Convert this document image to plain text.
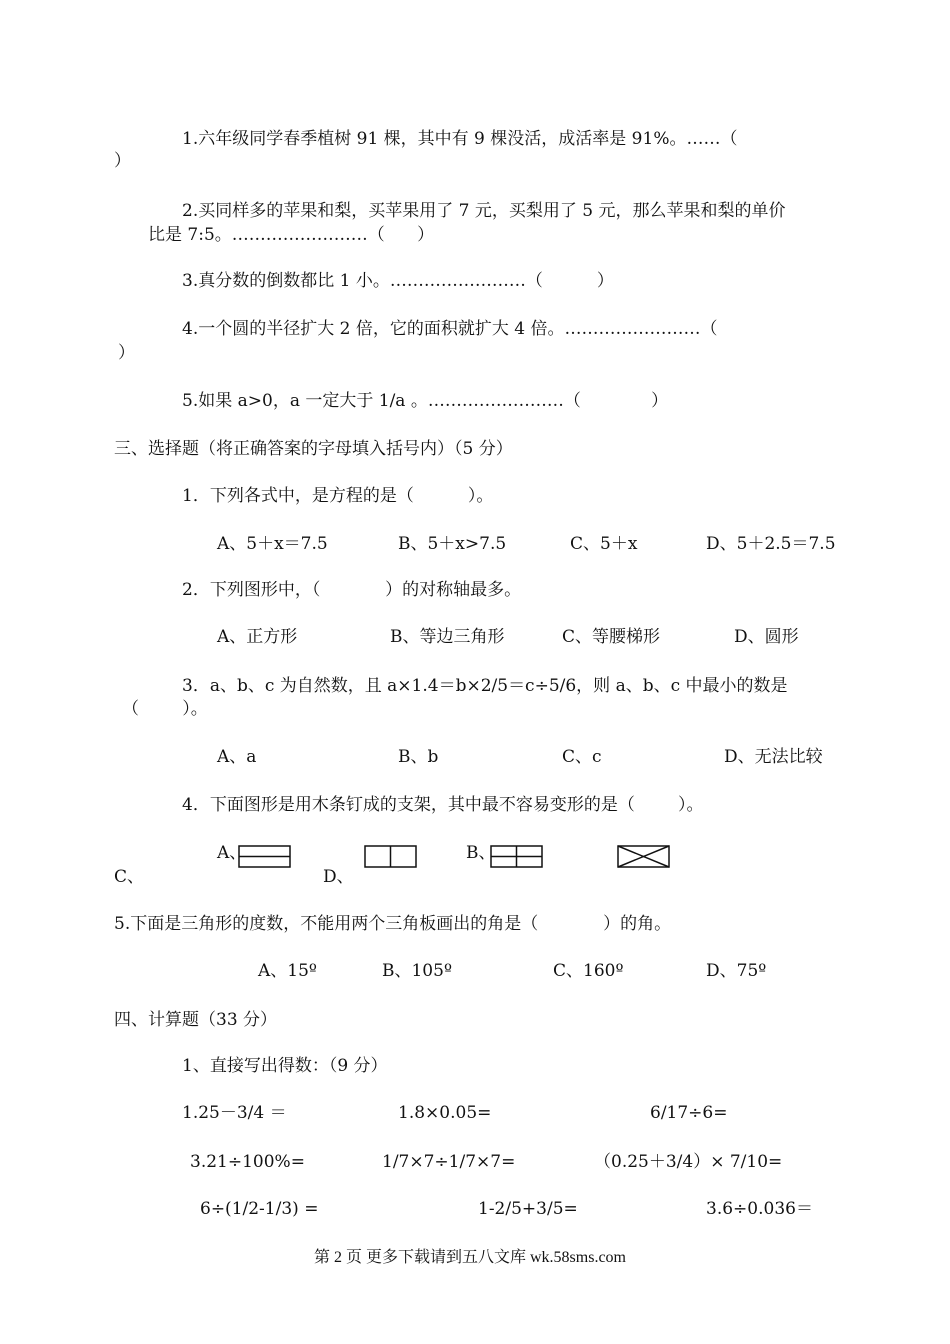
1.六年级同学春季植树 91 棵，其中有 9 棵没活，成活率是 91%。……（
）
2.买同样多的苹果和梨，买苹果用了 7 元，买梨用了 5 元，那么苹果和梨的单价
比是 7:5。……………………（      ）
3.真分数的倒数都比 1 小。……………………（          ）
4.一个圆的半径扩大 2 倍，它的面积就扩大 4 倍。……………………（
）
5.如果 a>0，a 一定大于 1/a 。……………………（             ）
三、选择题（将正确答案的字母填入括号内）（5 分）
1．下列各式中，是方程的是（          ）。
A、5＋x＝7.5	B、5＋x>7.5	C、5＋x	D、5＋2.5＝7.5
2．下列图形中，（            ）的对称轴最多。
A、正方形	B、等边三角形	C、等腰梯形	D、圆形
3．a、b、c 为自然数，且 a×1.4＝b×2/5＝c÷5/6，则 a、b、c 中最小的数是
（        ）。
A、a	B、b	C、c	D、无法比较
4．下面图形是用木条钉成的支架，其中最不容易变形的是（        ）。
A、	B、
C、	D、
5.下面是三角形的度数，不能用两个三角板画出的角是（            ）的角。
A、15º	B、105º	C、160º	D、75º
四、计算题（33 分）
1、直接写出得数：（9 分）
1.25－3/4 ＝	1.8×0.05=	6/17÷6=
3.21÷100%=	1/7×7÷1/7×7=	（0.25＋3/4）× 7/10=
6÷(1/2-1/3) =	1-2/5+3/5=	3.6÷0.036＝
第 2 页 更多下载请到五八文库 wk.58sms.com
